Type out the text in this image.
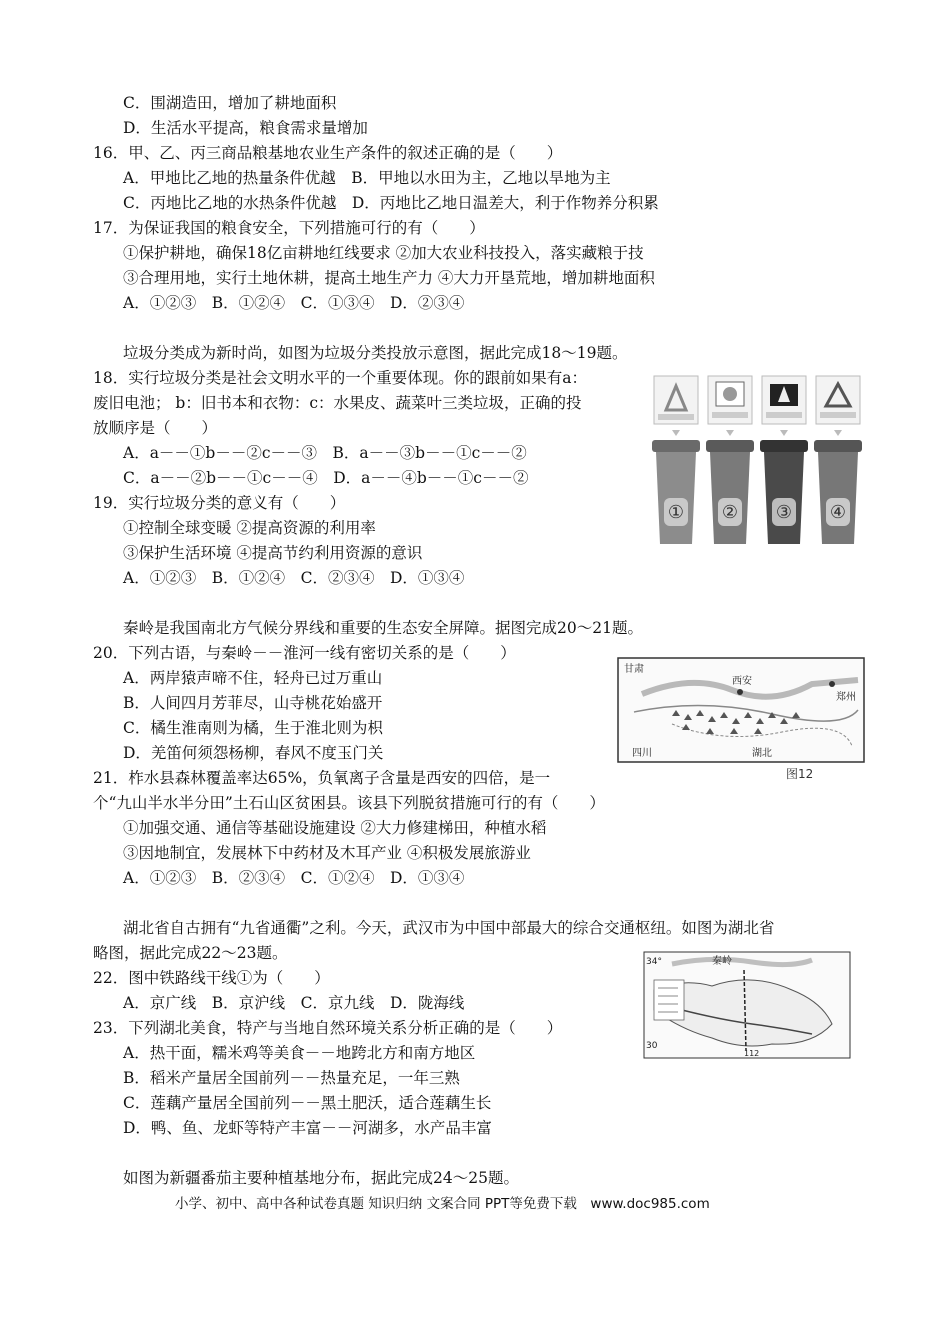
C．围湖造田，增加了耕地面积
D．生活水平提高，粮食需求量增加
16．甲、乙、丙三商品粮基地农业生产条件的叙述正确的是（　　）
A．甲地比乙地的热量条件优越　B．甲地以水田为主，乙地以旱地为主
C．丙地比乙地的水热条件优越　D．丙地比乙地日温差大，利于作物养分积累
17．为保证我国的粮食安全，下列措施可行的有（　　）
①保护耕地，确保18亿亩耕地红线要求 ②加大农业科技投入，落实藏粮于技
③合理用地，实行土地休耕，提高土地生产力 ④大力开垦荒地，增加耕地面积
A．①②③　B．①②④　C．①③④　D．②③④
垃圾分类成为新时尚，如图为垃圾分类投放示意图，据此完成18～19题。
18．实行垃圾分类是社会文明水平的一个重要体现。你的跟前如果有a：
废旧电池； b：旧书本和衣物：c：水果皮、蔬菜叶三类垃圾，正确的投
放顺序是（　　）
A．a－－①b－－②c－－③　B．a－－③b－－①c－－②
C．a－－②b－－①c－－④　D．a－－④b－－①c－－②
19．实行垃圾分类的意义有（　　）
①控制全球变暖 ②提高资源的利用率
③保护生活环境 ④提高节约利用资源的意识
A．①②③　B．①②④　C．②③④　D．①③④
秦岭是我国南北方气候分界线和重要的生态安全屏障。据图完成20～21题。
20．下列古语，与秦岭－－淮河一线有密切关系的是（　　）
A．两岸猿声啼不住，轻舟已过万重山
B．人间四月芳菲尽，山寺桃花始盛开
C．橘生淮南则为橘，生于淮北则为枳
D．羌笛何须怨杨柳，春风不度玉门关
21．柞水县森林覆盖率达65%，负氧离子含量是西安的四倍，是一
个“九山半水半分田”土石山区贫困县。该县下列脱贫措施可行的有（　　）
①加强交通、通信等基础设施建设 ②大力修建梯田，种植水稻
③因地制宜，发展林下中药材及木耳产业 ④积极发展旅游业
A．①②③　B．②③④　C．①②④　D．①③④
湖北省自古拥有“九省通衢”之利。今天，武汉市为中国中部最大的综合交通枢纽。如图为湖北省
略图，据此完成22～23题。
22．图中铁路线干线①为（　　）
A．京广线　B．京沪线　C．京九线　D．陇海线
23．下列湖北美食，特产与当地自然环境关系分析正确的是（　　）
A．热干面，糯米鸡等美食－－地跨北方和南方地区
B．稻米产量居全国前列－－热量充足，一年三熟
C．莲藕产量居全国前列－－黑土肥沃，适合莲藕生长
D．鸭、鱼、龙虾等特产丰富－－河湖多，水产品丰富
如图为新疆番茄主要种植基地分布，据此完成24～25题。
小学、初中、高中各种试卷真题 知识归纳 文案合同 PPT等免费下载　www.doc985.com
① ② ③ ④
甘肃
西安
郑州
四川	湖北
图12
34°	秦岭
30
112
